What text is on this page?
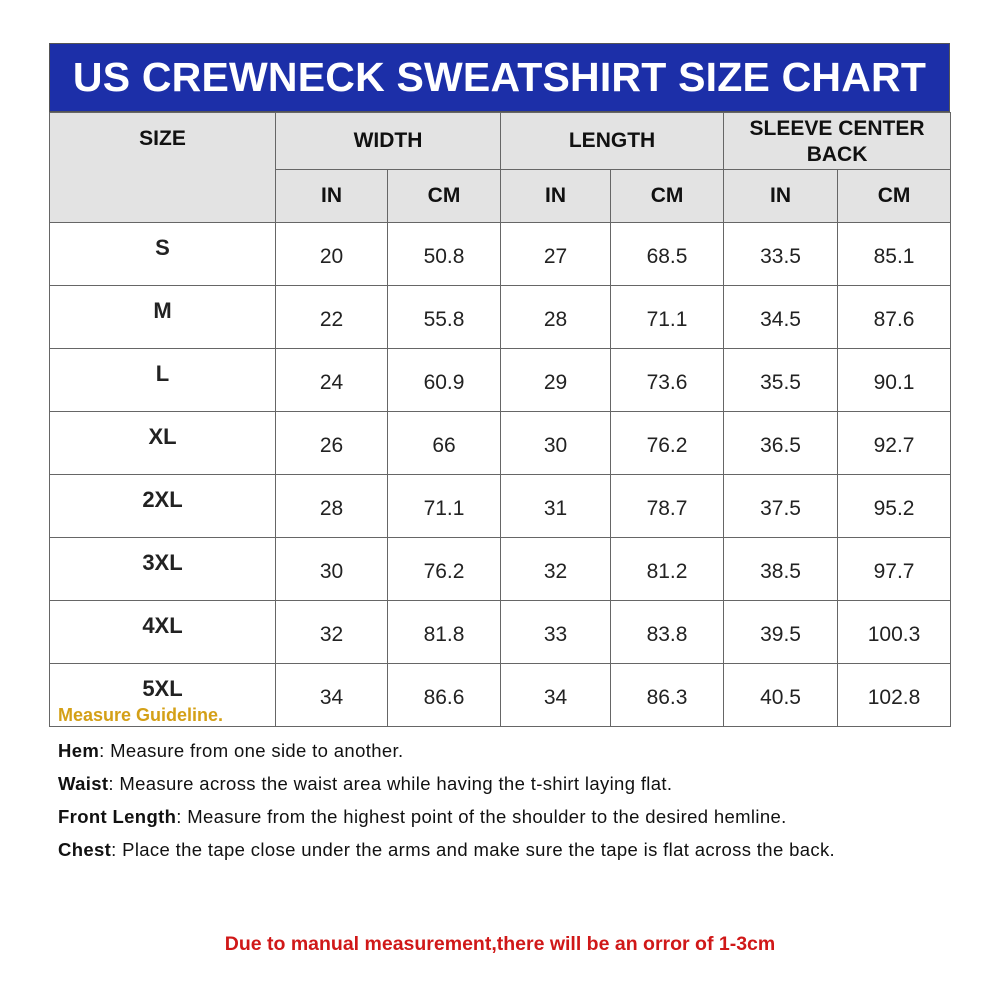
US CREWNECK SWEATSHIRT SIZE CHART
SIZE	WIDTH		LENGTH		SLEEVE CENTER
BACK	
	IN	CM	IN	CM	IN	CM
S	20	50.8	27	68.5	33.5	85.1
M	22	55.8	28	71.1	34.5	87.6
L	24	60.9	29	73.6	35.5	90.1
XL	26	66	30	76.2	36.5	92.7
2XL	28	71.1	31	78.7	37.5	95.2
3XL	30	76.2	32	81.2	38.5	97.7
4XL	32	81.8	33	83.8	39.5	100.3
5XL	34	86.6	34	86.3	40.5	102.8
Measure Guideline.
Hem: Measure from one side to another.
Waist: Measure across the waist area while having the t-shirt laying flat.
Front Length: Measure from the highest point of the shoulder to the desired hemline.
Chest: Place the tape close under the arms and make sure the tape is flat across the back.
Due to manual measurement,there will be an orror of 1-3cm
